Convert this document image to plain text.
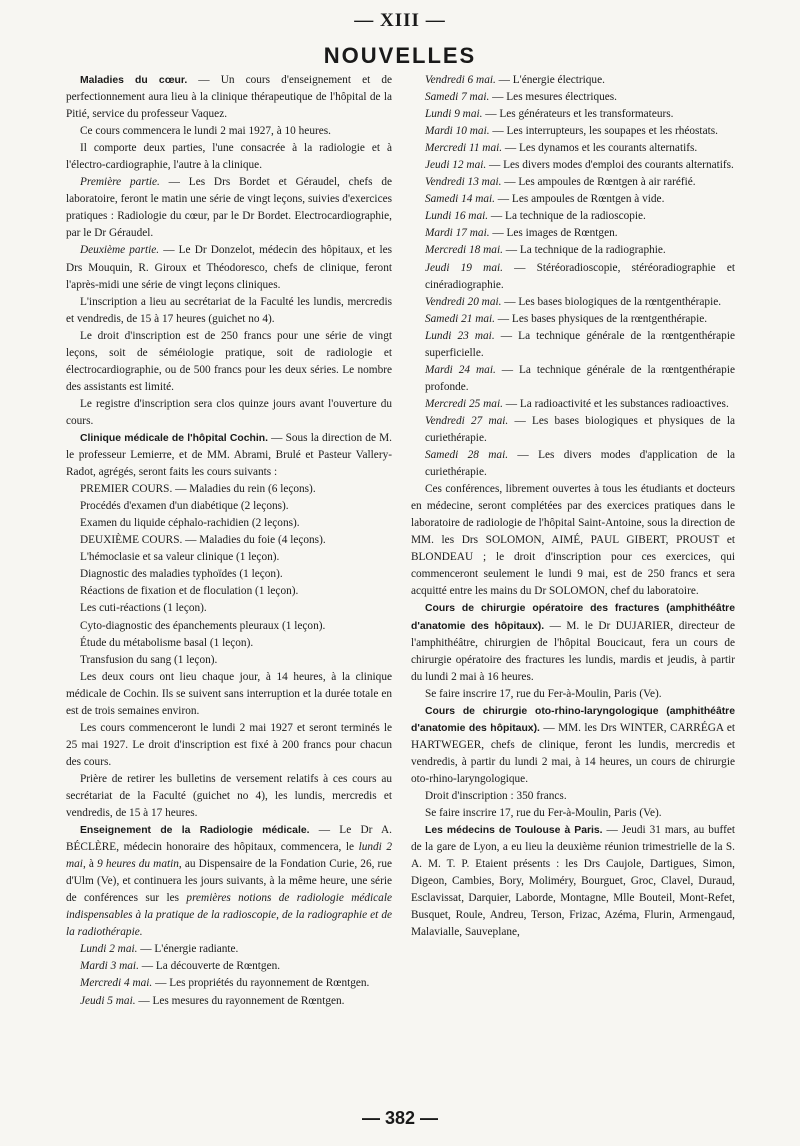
— XIII —
NOUVELLES

Maladies du cœur. — Un cours d'enseignement et de perfectionnement aura lieu à la clinique thérapeutique de l'hôpital de la Pitié, service du professeur Vaquez.

Ce cours commencera le lundi 2 mai 1927, à 10 heures.

Il comporte deux parties, l'une consacrée à la radiologie et à l'électro-cardiographie, l'autre à la clinique.

Première partie. — Les Drs Bordet et Géraudel, chefs de laboratoire, feront le matin une série de vingt leçons, suivies d'exercices pratiques : Radiologie du cœur, par le Dr Bordet. Electrocardiographie, par le Dr Géraudel.

Deuxième partie. — Le Dr Donzelot, médecin des hôpitaux, et les Drs Mouquin, R. Giroux et Théodoresco, chefs de clinique, feront l'après-midi une série de vingt leçons cliniques.

L'inscription a lieu au secrétariat de la Faculté les lundis, mercredis et vendredis, de 15 à 17 heures (guichet no 4).

Le droit d'inscription est de 250 francs pour une série de vingt leçons, soit de séméiologie pratique, soit de radiologie et électrocardiographie, ou de 500 francs pour les deux séries. Le nombre des assistants est limité.

Le registre d'inscription sera clos quinze jours avant l'ouverture du cours.

Clinique médicale de l'hôpital Cochin. — Sous la direction de M. le professeur Lemierre, et de MM. Abrami, Brulé et Pasteur Vallery-Radot, agrégés, seront faits les cours suivants :

PREMIER COURS. — Maladies du rein (6 leçons).

Procédés d'examen d'un diabétique (2 leçons).

Examen du liquide céphalo-rachidien (2 leçons).

DEUXIÈME COURS. — Maladies du foie (4 leçons).

L'hémoclasie et sa valeur clinique (1 leçon).

Diagnostic des maladies typhoïdes (1 leçon).

Réactions de fixation et de floculation (1 leçon).

Les cuti-réactions (1 leçon).

Cyto-diagnostic des épanchements pleuraux (1 leçon).

Étude du métabolisme basal (1 leçon).

Transfusion du sang (1 leçon).

Les deux cours ont lieu chaque jour, à 14 heures, à la clinique médicale de Cochin. Ils se suivent sans interruption et la durée totale en est de trois semaines environ.

Les cours commenceront le lundi 2 mai 1927 et seront terminés le 25 mai 1927. Le droit d'inscription est fixé à 200 francs pour chacun des cours.

Prière de retirer les bulletins de versement relatifs à ces cours au secrétariat de la Faculté (guichet no 4), les lundis, mercredis et vendredis, de 15 à 17 heures.

Enseignement de la Radiologie médicale. — Le Dr A. BÉCLÈRE, médecin honoraire des hôpitaux, commencera, le lundi 2 mai, à 9 heures du matin, au Dispensaire de la Fondation Curie, 26, rue d'Ulm (Ve), et continuera les jours suivants, à la même heure, une série de conférences sur les premières notions de radiologie médicale indispensables à la pratique de la radioscopie, de la radiographie et de la radiothérapie.

Lundi 2 mai. — L'énergie radiante.

Mardi 3 mai. — La découverte de Rœntgen.

Mercredi 4 mai. — Les propriétés du rayonnement de Rœntgen.

Jeudi 5 mai. — Les mesures du rayonnement de Rœntgen.

Vendredi 6 mai. — L'énergie électrique.

Samedi 7 mai. — Les mesures électriques.

Lundi 9 mai. — Les générateurs et les transformateurs.

Mardi 10 mai. — Les interrupteurs, les soupapes et les rhéostats.

Mercredi 11 mai. — Les dynamos et les courants alternatifs.

Jeudi 12 mai. — Les divers modes d'emploi des courants alternatifs.

Vendredi 13 mai. — Les ampoules de Rœntgen à air raréfié.

Samedi 14 mai. — Les ampoules de Rœntgen à vide.

Lundi 16 mai. — La technique de la radioscopie.

Mardi 17 mai. — Les images de Rœntgen.

Mercredi 18 mai. — La technique de la radiographie.

Jeudi 19 mai. — Stéréoradioscopie, stéréoradiographie et cinéradiographie.

Vendredi 20 mai. — Les bases biologiques de la rœntgenthérapie.

Samedi 21 mai. — Les bases physiques de la rœntgenthérapie.

Lundi 23 mai. — La technique générale de la rœntgenthérapie superficielle.

Mardi 24 mai. — La technique générale de la rœntgenthérapie profonde.

Mercredi 25 mai. — La radioactivité et les substances radioactives.

Vendredi 27 mai. — Les bases biologiques et physiques de la curiethérapie.

Samedi 28 mai. — Les divers modes d'application de la curiethérapie.

Ces conférences, librement ouvertes à tous les étudiants et docteurs en médecine, seront complétées par des exercices pratiques dans le laboratoire de radiologie de l'hôpital Saint-Antoine, sous la direction de MM. les Drs SOLOMON, AIMÉ, PAUL GIBERT, PROUST et BLONDEAU ; le droit d'inscription pour ces exercices, qui commenceront seulement le lundi 9 mai, est de 250 francs et sera acquitté entre les mains du Dr SOLOMON, chef du laboratoire.

Cours de chirurgie opératoire des fractures (amphithéâtre d'anatomie des hôpitaux). — M. le Dr DUJARIER, directeur de l'amphithéâtre, chirurgien de l'hôpital Boucicaut, fera un cours de chirurgie opératoire des fractures les lundis, mardis et jeudis, à partir du lundi 2 mai à 16 heures.

Se faire inscrire 17, rue du Fer-à-Moulin, Paris (Ve).

Cours de chirurgie oto-rhino-laryngologique (amphithéâtre d'anatomie des hôpitaux). — MM. les Drs WINTER, CARRÉGA et HARTWEGER, chefs de clinique, feront les lundis, mercredis et vendredis, à partir du lundi 2 mai, à 14 heures, un cours de chirurgie oto-rhino-laryngologique.

Droit d'inscription : 350 francs.

Se faire inscrire 17, rue du Fer-à-Moulin, Paris (Ve).

Les médecins de Toulouse à Paris. — Jeudi 31 mars, au buffet de la gare de Lyon, a eu lieu la deuxième réunion trimestrielle de la S. A. M. T. P. Etaient présents : les Drs Caujole, Dartigues, Simon, Digeon, Cambies, Bory, Moliméry, Bourguet, Groc, Clavel, Duraud, Esclavissat, Darquier, Laborde, Montagne, Mlle Bouteil, Mont-Refet, Busquet, Roule, Andreu, Terson, Frizac, Azéma, Flurin, Armengaud, Malavialle, Sauveplane,

— 382 —
